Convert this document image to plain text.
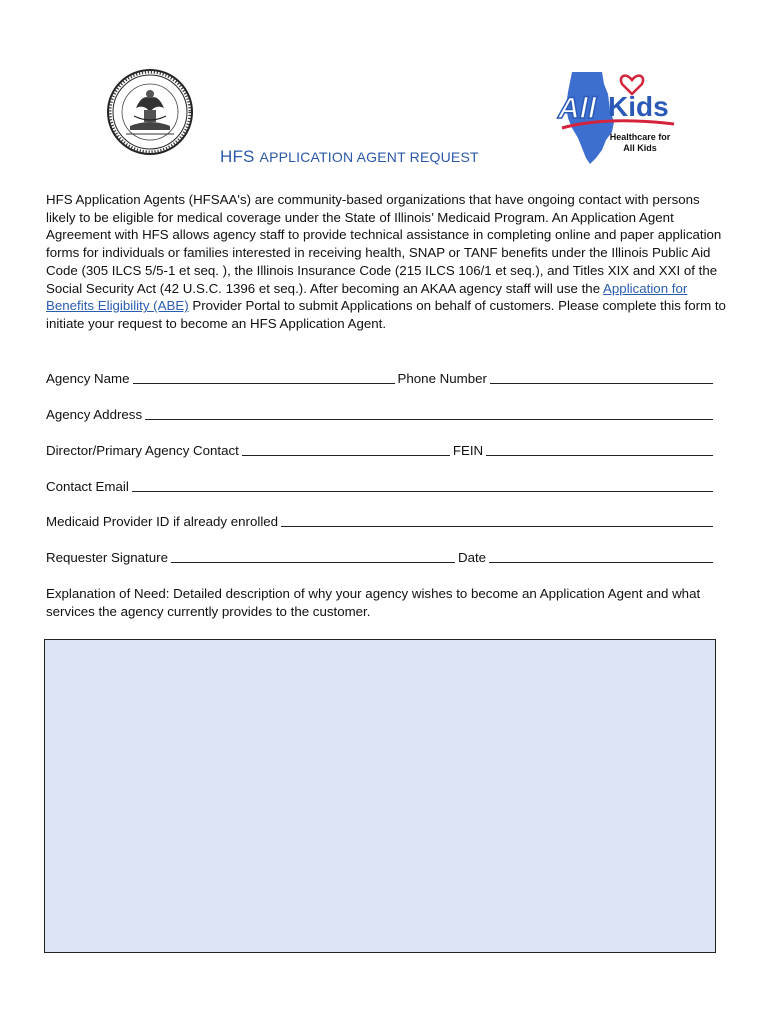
All Kids
Healthcare for
All Kids
HFS APPLICATION AGENT REQUEST

HFS Application Agents (HFSAA's) are community-based organizations that have ongoing contact with persons likely to be eligible for medical coverage under the State of Illinois’ Medicaid Program. An Application Agent Agreement with HFS allows agency staff to provide technical assistance in completing online and paper application forms for individuals or families interested in receiving health, SNAP or TANF benefits under the Illinois Public Aid Code (305 ILCS 5/5-1 et seq. ), the Illinois Insurance Code (215 ILCS 106/1 et seq.), and Titles XIX and XXI of the Social Security Act (42 U.S.C. 1396 et seq.). After becoming an AKAA agency staff will use the Application for Benefits Eligibility (ABE) Provider Portal to submit Applications on behalf of customers. Please complete this form to initiate your request to become an HFS Application Agent.

Agency Name	Phone Number
Agency Address
Director/Primary Agency Contact	FEIN
Contact Email
Medicaid Provider ID if already enrolled
Requester Signature	Date

Explanation of Need: Detailed description of why your agency wishes to become an Application Agent and what services the agency currently provides to the customer.
